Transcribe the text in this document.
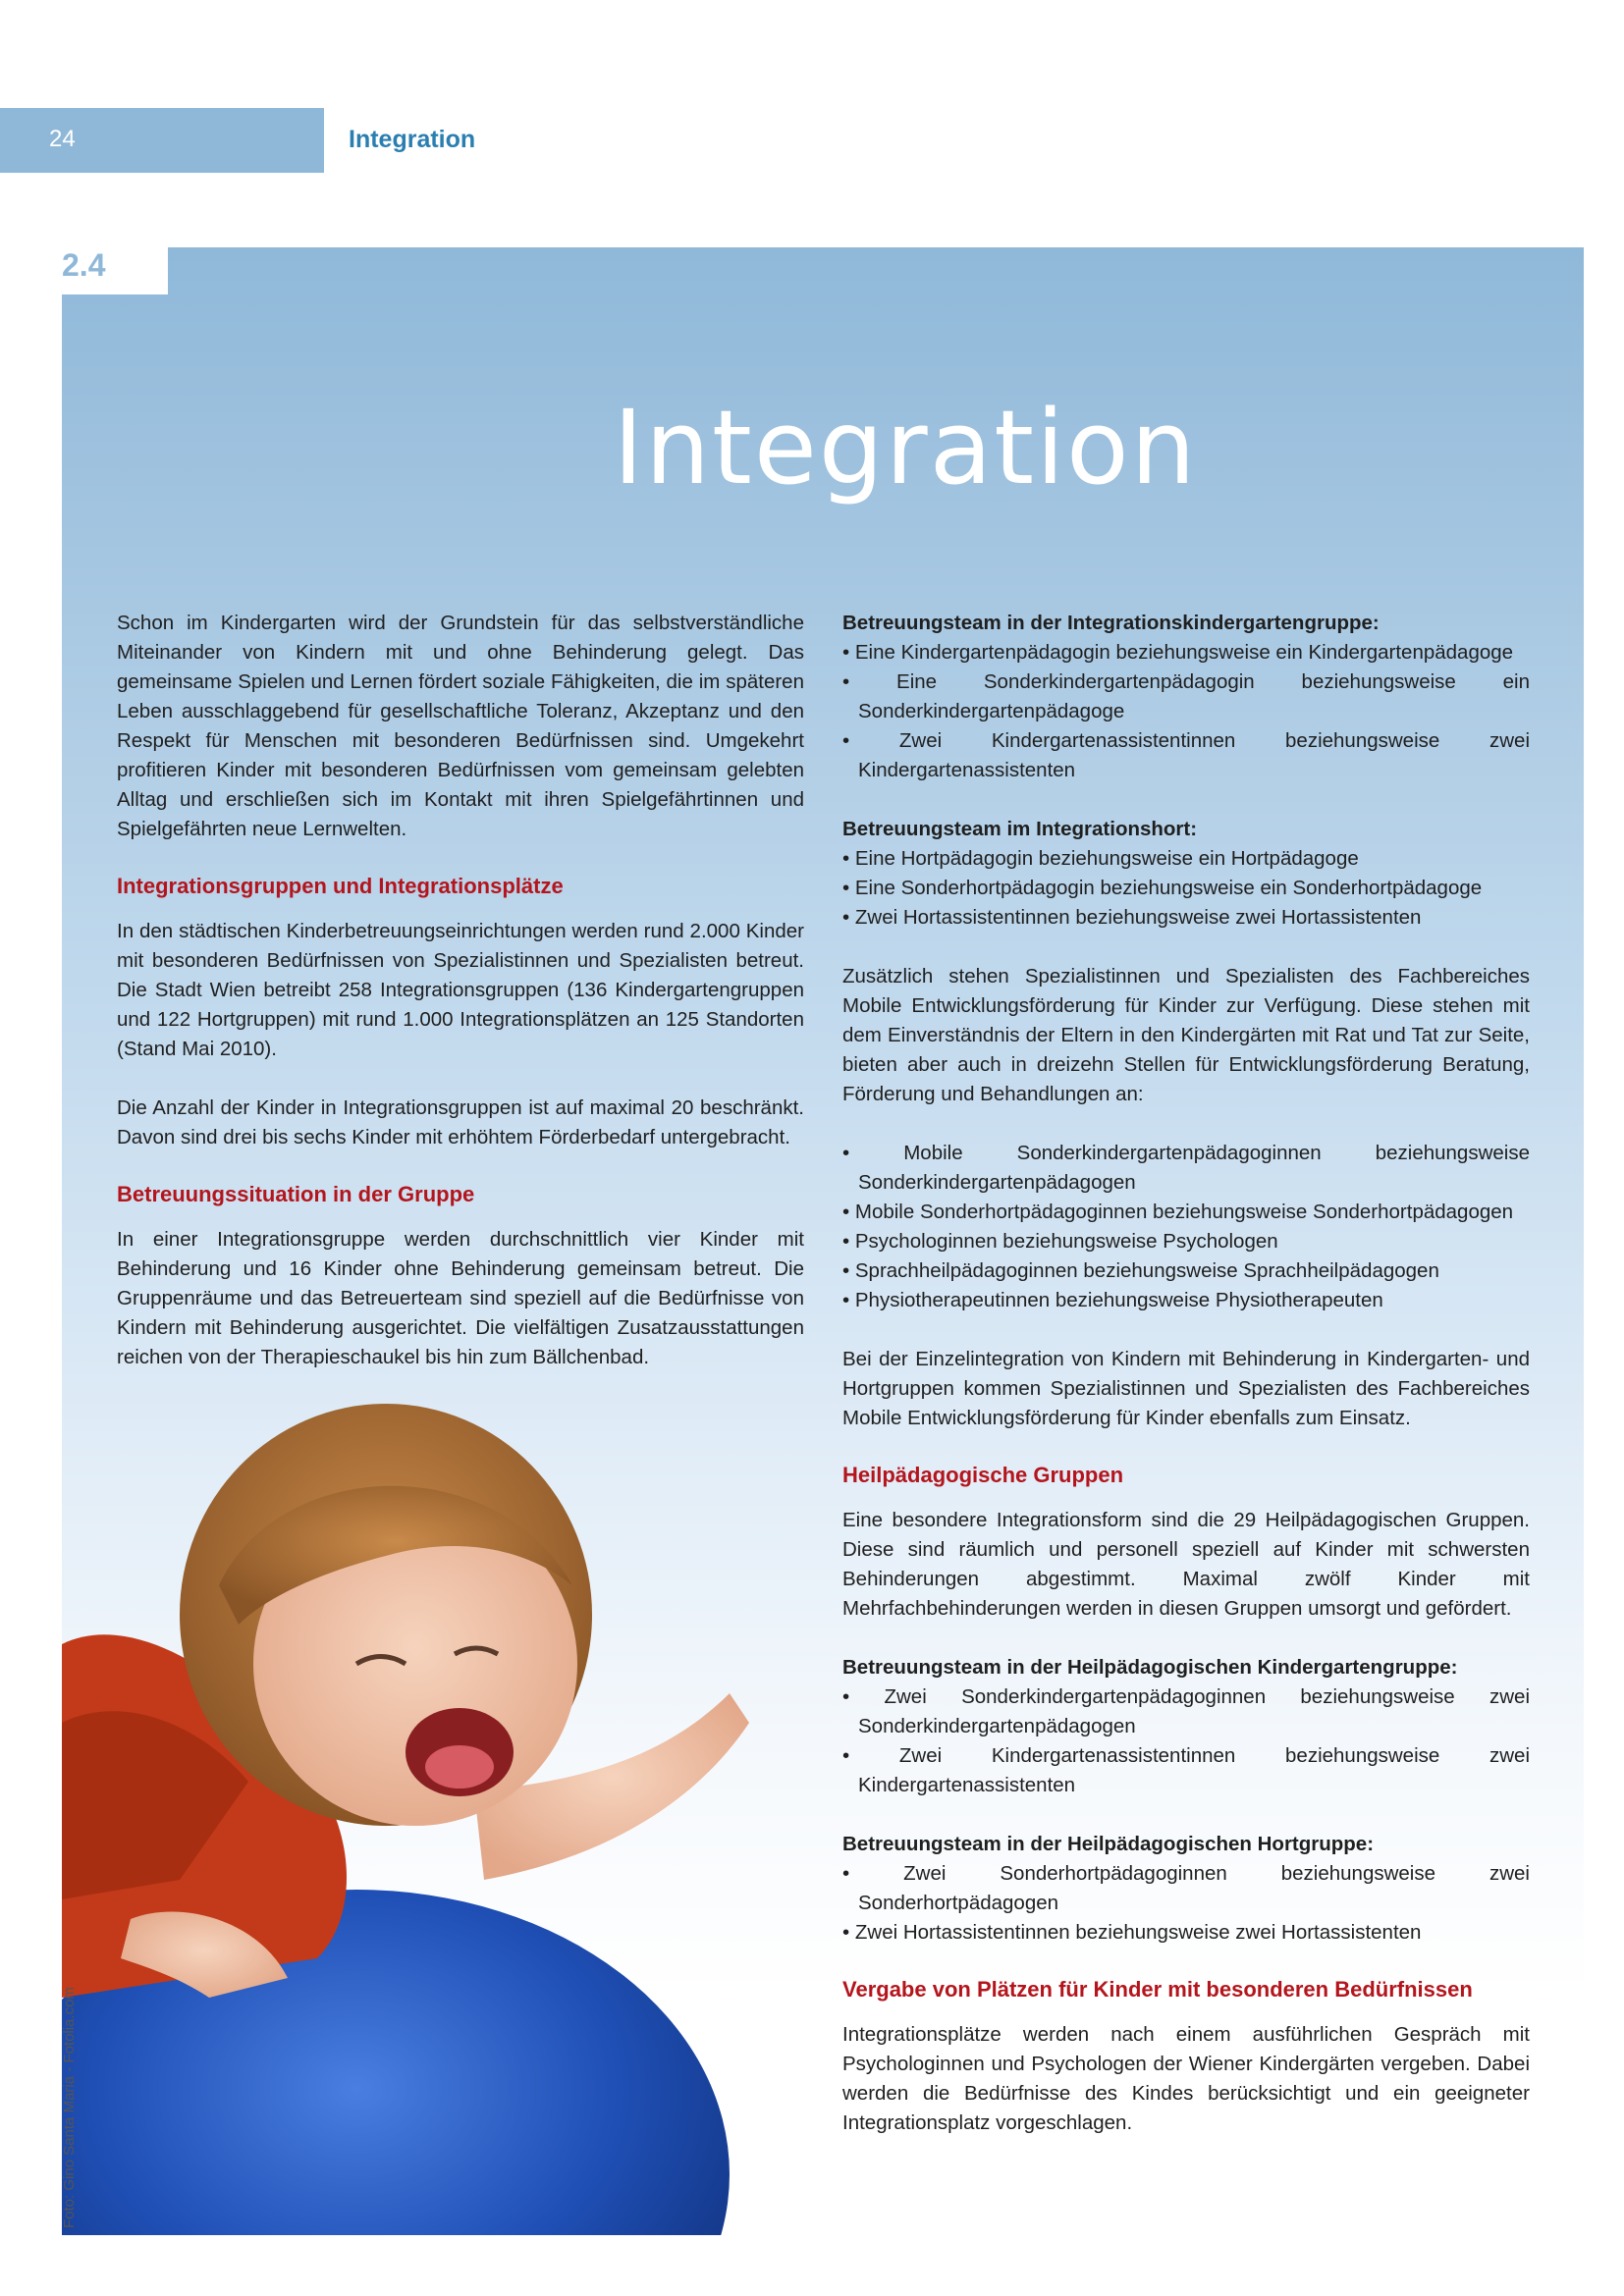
24	Integration
2.4
Integration
Foto: Gino Santa Maria - Fotolia.com

Schon im Kindergarten wird der Grundstein für das selbstverständliche Miteinander von Kindern mit und ohne Behinderung gelegt. Das gemeinsame Spielen und Lernen fördert soziale Fähigkeiten, die im späteren Leben ausschlaggebend für gesellschaftliche Toleranz, Akzeptanz und den Respekt für Menschen mit besonderen Bedürfnissen sind. Umgekehrt profitieren Kinder mit besonderen Bedürfnissen vom gemeinsam gelebten Alltag und erschließen sich im Kontakt mit ihren Spielgefährtinnen und Spielgefährten neue Lernwelten.

Integrationsgruppen und Integrationsplätze

In den städtischen Kinderbetreuungseinrichtungen werden rund 2.000 Kinder mit besonderen Bedürfnissen von Spezialistinnen und Spezialisten betreut. Die Stadt Wien betreibt 258 Integrationsgruppen (136 Kindergartengruppen und 122 Hortgruppen) mit rund 1.000 Integrationsplätzen an 125 Standorten (Stand Mai 2010).

Die Anzahl der Kinder in Integrationsgruppen ist auf maximal 20 beschränkt. Davon sind drei bis sechs Kinder mit erhöhtem Förderbedarf untergebracht.

Betreuungssituation in der Gruppe

In einer Integrationsgruppe werden durchschnittlich vier Kinder mit Behinderung und 16 Kinder ohne Behinderung gemeinsam betreut. Die Gruppenräume und das Betreuerteam sind speziell auf die Bedürfnisse von Kindern mit Behinderung ausgerichtet. Die vielfältigen Zusatzausstattungen reichen von der Therapieschaukel bis hin zum Bällchenbad.

Betreuungsteam in der Integrationskindergartengruppe:

• Eine Kindergartenpädagogin beziehungsweise ein Kindergartenpädagoge

• Eine Sonderkindergartenpädagogin beziehungsweise ein Sonderkindergartenpädagoge

• Zwei Kindergartenassistentinnen beziehungsweise zwei Kindergartenassistenten

Betreuungsteam im Integrationshort:

• Eine Hortpädagogin beziehungsweise ein Hortpädagoge

• Eine Sonderhortpädagogin beziehungsweise ein Sonderhortpädagoge

• Zwei Hortassistentinnen beziehungsweise zwei Hortassistenten

Zusätzlich stehen Spezialistinnen und Spezialisten des Fachbereiches Mobile Entwicklungsförderung für Kinder zur Verfügung. Diese stehen mit dem Einverständnis der Eltern in den Kindergärten mit Rat und Tat zur Seite, bieten aber auch in dreizehn Stellen für Entwicklungsförderung Beratung, Förderung und Behandlungen an:

• Mobile Sonderkindergartenpädagoginnen beziehungsweise Sonderkindergartenpädagogen

• Mobile Sonderhortpädagoginnen beziehungsweise Sonderhortpädagogen

• Psychologinnen beziehungsweise Psychologen

• Sprachheilpädagoginnen beziehungsweise Sprachheilpädagogen

• Physiotherapeutinnen beziehungsweise Physiotherapeuten

Bei der Einzelintegration von Kindern mit Behinderung in Kindergarten- und Hortgruppen kommen Spezialistinnen und Spezialisten des Fachbereiches Mobile Entwicklungsförderung für Kinder ebenfalls zum Einsatz.

Heilpädagogische Gruppen

Eine besondere Integrationsform sind die 29 Heilpädagogischen Gruppen. Diese sind räumlich und personell speziell auf Kinder mit schwersten Behinderungen abgestimmt. Maximal zwölf Kinder mit Mehrfachbehinderungen werden in diesen Gruppen umsorgt und gefördert.

Betreuungsteam in der Heilpädagogischen Kindergartengruppe:

• Zwei Sonderkindergartenpädagoginnen beziehungsweise zwei Sonderkindergartenpädagogen

• Zwei Kindergartenassistentinnen beziehungsweise zwei Kindergartenassistenten

Betreuungsteam in der Heilpädagogischen Hortgruppe:

• Zwei Sonderhortpädagoginnen beziehungsweise zwei Sonderhortpädagogen

• Zwei Hortassistentinnen beziehungsweise zwei Hortassistenten

Vergabe von Plätzen für Kinder mit besonderen Bedürfnissen

Integrationsplätze werden nach einem ausführlichen Gespräch mit Psychologinnen und Psychologen der Wiener Kindergärten vergeben. Dabei werden die Bedürfnisse des Kindes berücksichtigt und ein geeigneter Integrationsplatz vorgeschlagen.
